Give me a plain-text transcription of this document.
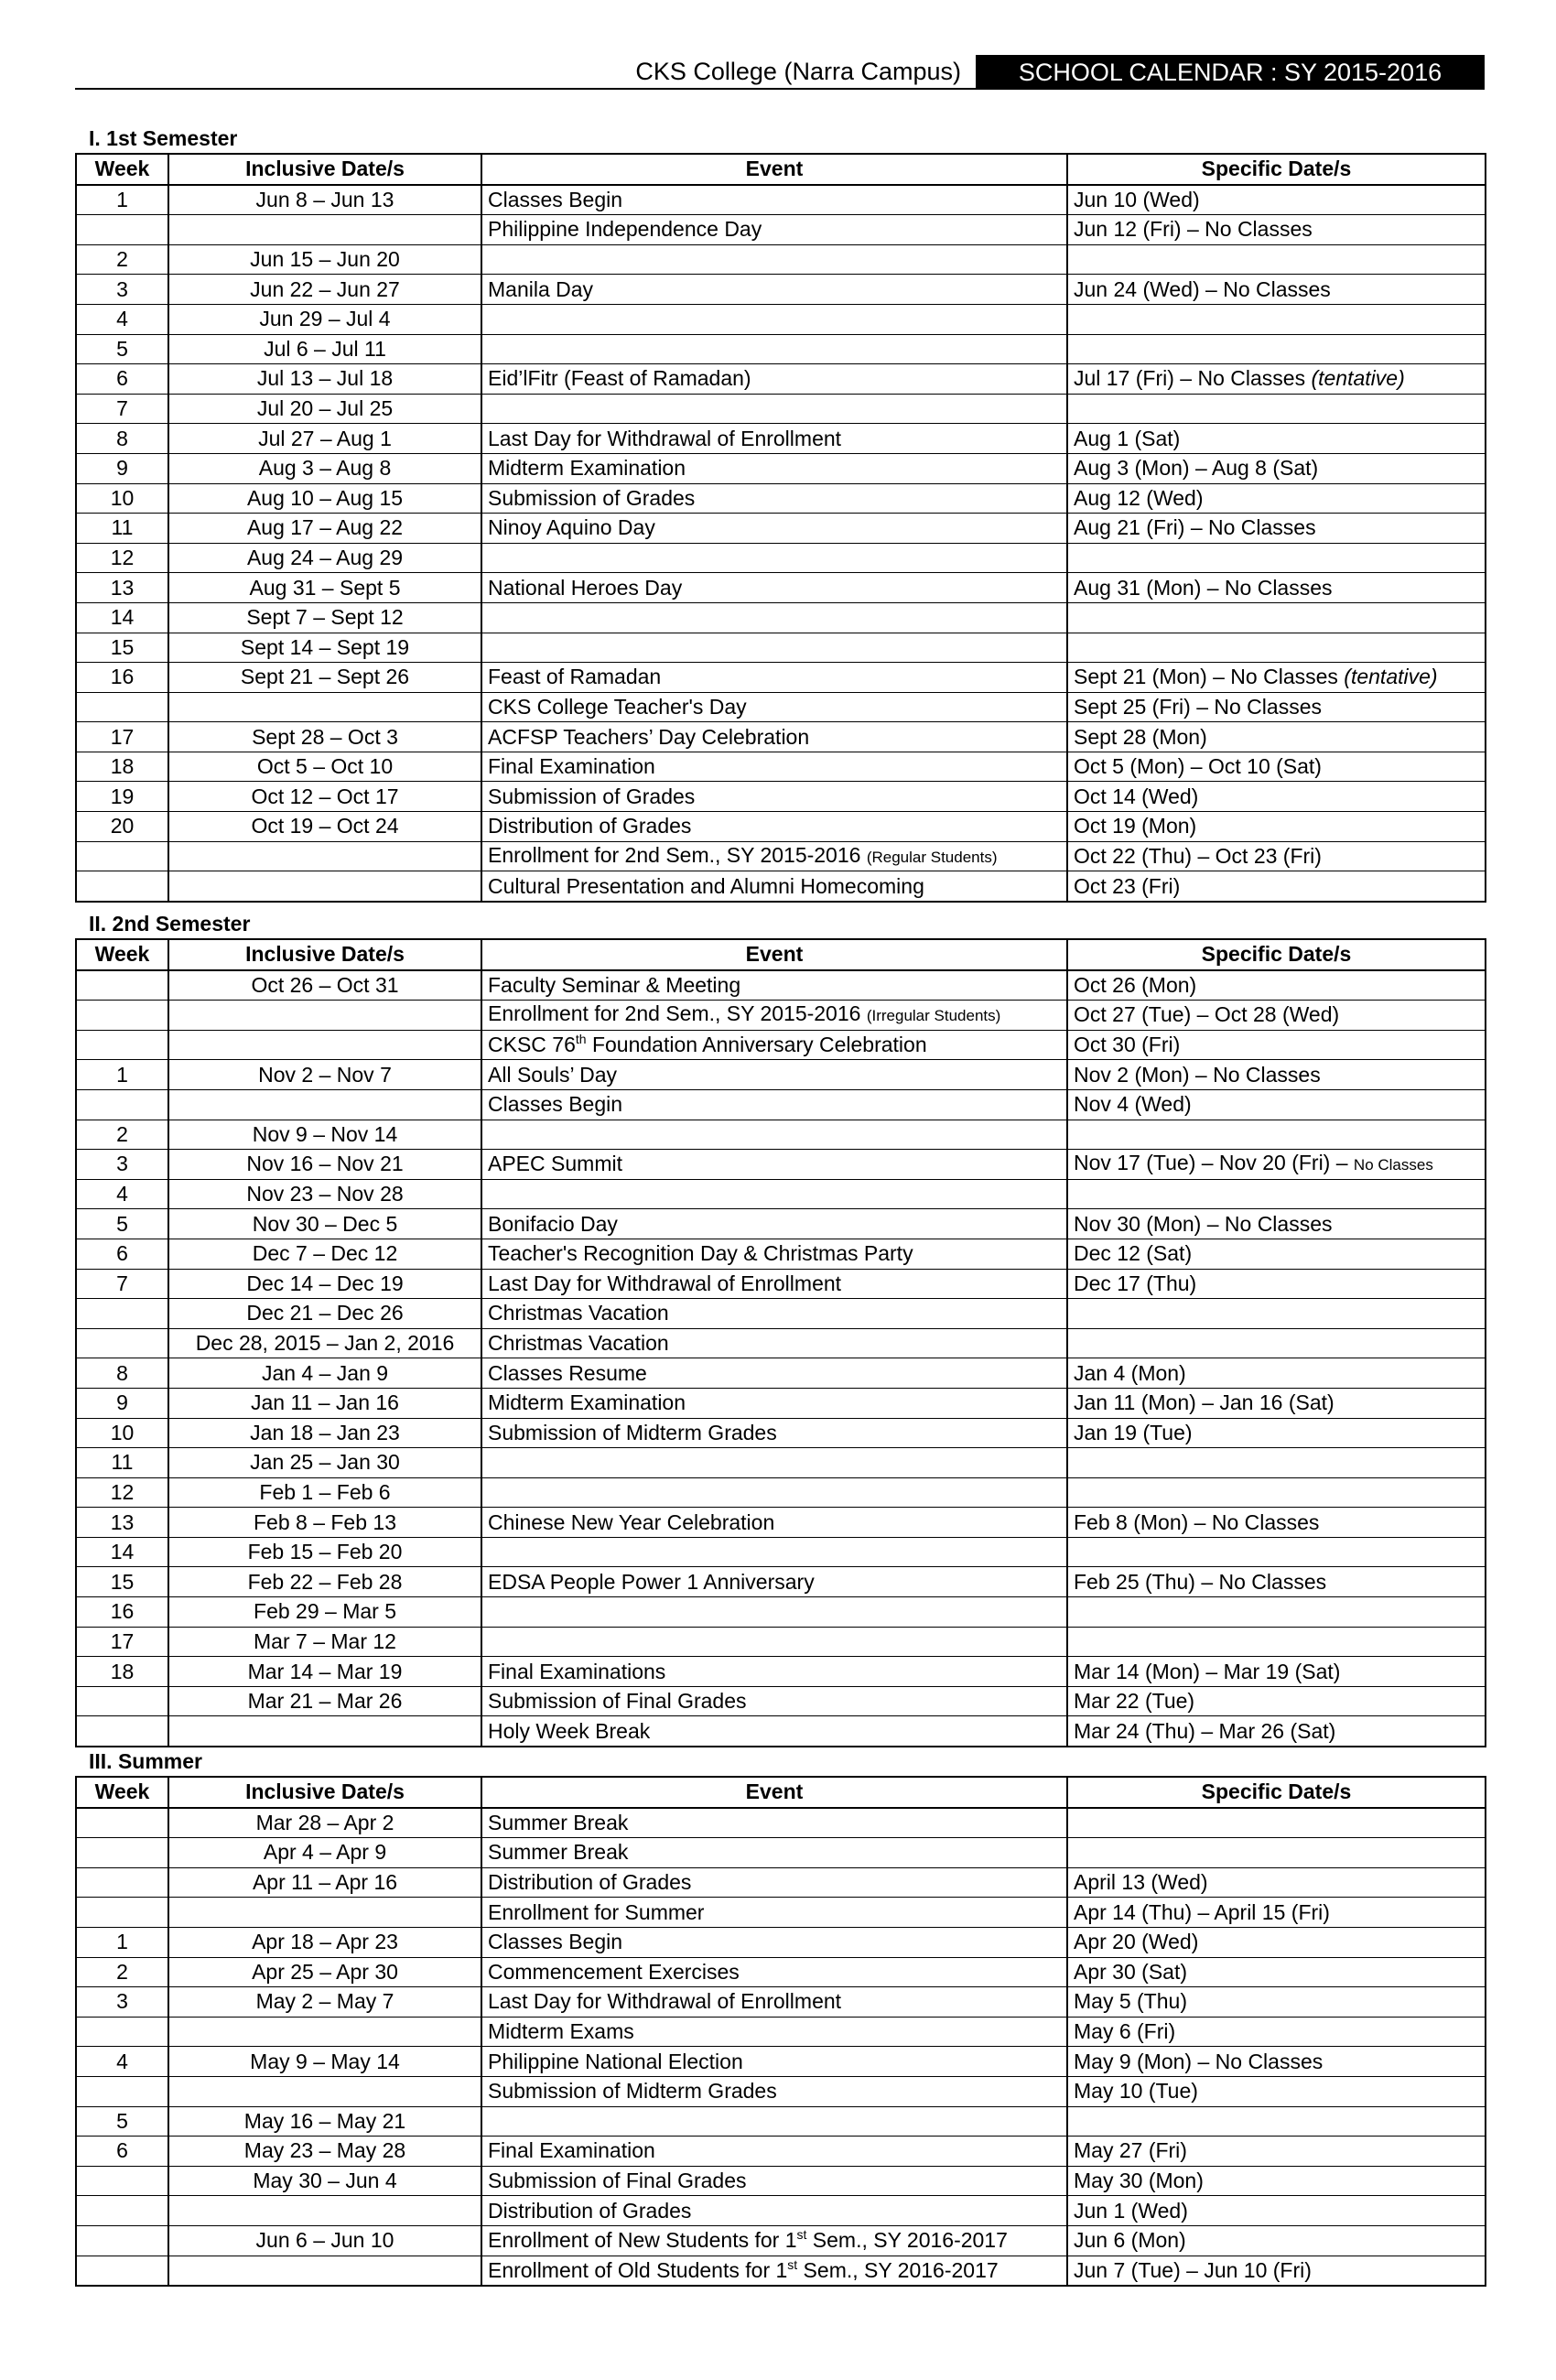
CKS College (Narra Campus)	SCHOOL CALENDAR : SY 2015-2016
I. 1st Semester
Week	Inclusive Date/s	Event	Specific Date/s
1	Jun 8 – Jun 13	Classes Begin	Jun 10 (Wed)
		Philippine Independence Day	Jun 12 (Fri) – No Classes
2	Jun 15 – Jun 20		
3	Jun 22 – Jun 27	Manila Day	Jun 24 (Wed) – No Classes
4	Jun 29 – Jul 4		
5	Jul 6 – Jul 11		
6	Jul 13 – Jul 18	Eid’lFitr (Feast of Ramadan)	Jul 17 (Fri) – No Classes (tentative)
7	Jul 20 – Jul 25		
8	Jul 27 – Aug 1	Last Day for Withdrawal of Enrollment	Aug 1 (Sat)
9	Aug 3 – Aug 8	Midterm Examination	Aug 3 (Mon) – Aug 8 (Sat)
10	Aug 10 – Aug 15	Submission of Grades	Aug 12 (Wed)
11	Aug 17 – Aug 22	Ninoy Aquino Day	Aug 21 (Fri) – No Classes
12	Aug 24 – Aug 29		
13	Aug 31 – Sept 5	National Heroes Day	Aug 31 (Mon) – No Classes
14	Sept 7 – Sept 12		
15	Sept 14 – Sept 19		
16	Sept 21 – Sept 26	Feast of Ramadan	Sept 21 (Mon) – No Classes (tentative)
		CKS College Teacher's Day	Sept 25 (Fri) – No Classes
17	Sept 28 – Oct 3	ACFSP Teachers’ Day Celebration	Sept 28 (Mon)
18	Oct 5 – Oct 10	Final Examination	Oct 5 (Mon) – Oct 10 (Sat)
19	Oct 12 – Oct 17	Submission of Grades	Oct 14 (Wed)
20	Oct 19 – Oct 24	Distribution of Grades	Oct 19 (Mon)
		Enrollment for 2nd Sem., SY 2015-2016 (Regular Students)	Oct 22 (Thu) – Oct 23 (Fri)
		Cultural Presentation and Alumni Homecoming	Oct 23 (Fri)
II. 2nd Semester
Week	Inclusive Date/s	Event	Specific Date/s
	Oct 26 – Oct 31	Faculty Seminar & Meeting	Oct 26 (Mon)
		Enrollment for 2nd Sem., SY 2015-2016 (Irregular Students)	Oct 27 (Tue) – Oct 28 (Wed)
		CKSC 76th Foundation Anniversary Celebration	Oct 30 (Fri)
1	Nov 2 – Nov 7	All Souls’ Day	Nov 2 (Mon) – No Classes
		Classes Begin	Nov 4 (Wed)
2	Nov 9 – Nov 14		
3	Nov 16 – Nov 21	APEC Summit	Nov 17 (Tue) – Nov 20 (Fri) – No Classes
4	Nov 23 – Nov 28		
5	Nov 30 – Dec 5	Bonifacio Day	Nov 30 (Mon) – No Classes
6	Dec 7 – Dec 12	Teacher's Recognition Day & Christmas Party	Dec 12 (Sat)
7	Dec 14 – Dec 19	Last Day for Withdrawal of Enrollment	Dec 17 (Thu)
	Dec 21 – Dec 26	Christmas Vacation	
	Dec 28, 2015 – Jan 2, 2016	Christmas Vacation	
8	Jan 4 – Jan 9	Classes Resume	Jan 4 (Mon)
9	Jan 11 – Jan 16	Midterm Examination	Jan 11 (Mon) – Jan 16 (Sat)
10	Jan 18 – Jan 23	Submission of Midterm Grades	Jan 19 (Tue)
11	Jan 25 – Jan 30		
12	Feb 1 – Feb 6		
13	Feb 8 – Feb 13	Chinese New Year Celebration	Feb 8 (Mon) – No Classes
14	Feb 15 – Feb 20		
15	Feb 22 – Feb 28	EDSA People Power 1 Anniversary	Feb 25 (Thu) – No Classes
16	Feb 29 – Mar 5		
17	Mar 7 – Mar 12		
18	Mar 14 – Mar 19	Final Examinations	Mar 14 (Mon) – Mar 19 (Sat)
	Mar 21 – Mar 26	Submission of Final Grades	Mar 22 (Tue)
		Holy Week Break	Mar 24 (Thu) – Mar 26 (Sat)
III. Summer
Week	Inclusive Date/s	Event	Specific Date/s
	Mar 28 – Apr 2	Summer Break	
	Apr 4 – Apr 9	Summer Break	
	Apr 11 – Apr 16	Distribution of Grades	April 13 (Wed)
		Enrollment for Summer	Apr 14 (Thu) – April 15 (Fri)
1	Apr 18 – Apr 23	Classes Begin	Apr 20 (Wed)
2	Apr 25 – Apr 30	Commencement Exercises	Apr 30 (Sat)
3	May 2 – May 7	Last Day for Withdrawal of Enrollment	May 5 (Thu)
		Midterm Exams	May 6 (Fri)
4	May 9 – May 14	Philippine National Election	May 9 (Mon) – No Classes
		Submission of Midterm Grades	May 10 (Tue)
5	May 16 – May 21		
6	May 23 – May 28	Final Examination	May 27 (Fri)
	May 30 – Jun 4	Submission of Final Grades	May 30 (Mon)
		Distribution of Grades	Jun 1 (Wed)
	Jun 6 – Jun 10	Enrollment of New Students for 1st Sem., SY 2016-2017	Jun 6 (Mon)
		Enrollment of Old Students for 1st Sem., SY 2016-2017	Jun 7 (Tue) – Jun 10 (Fri)
